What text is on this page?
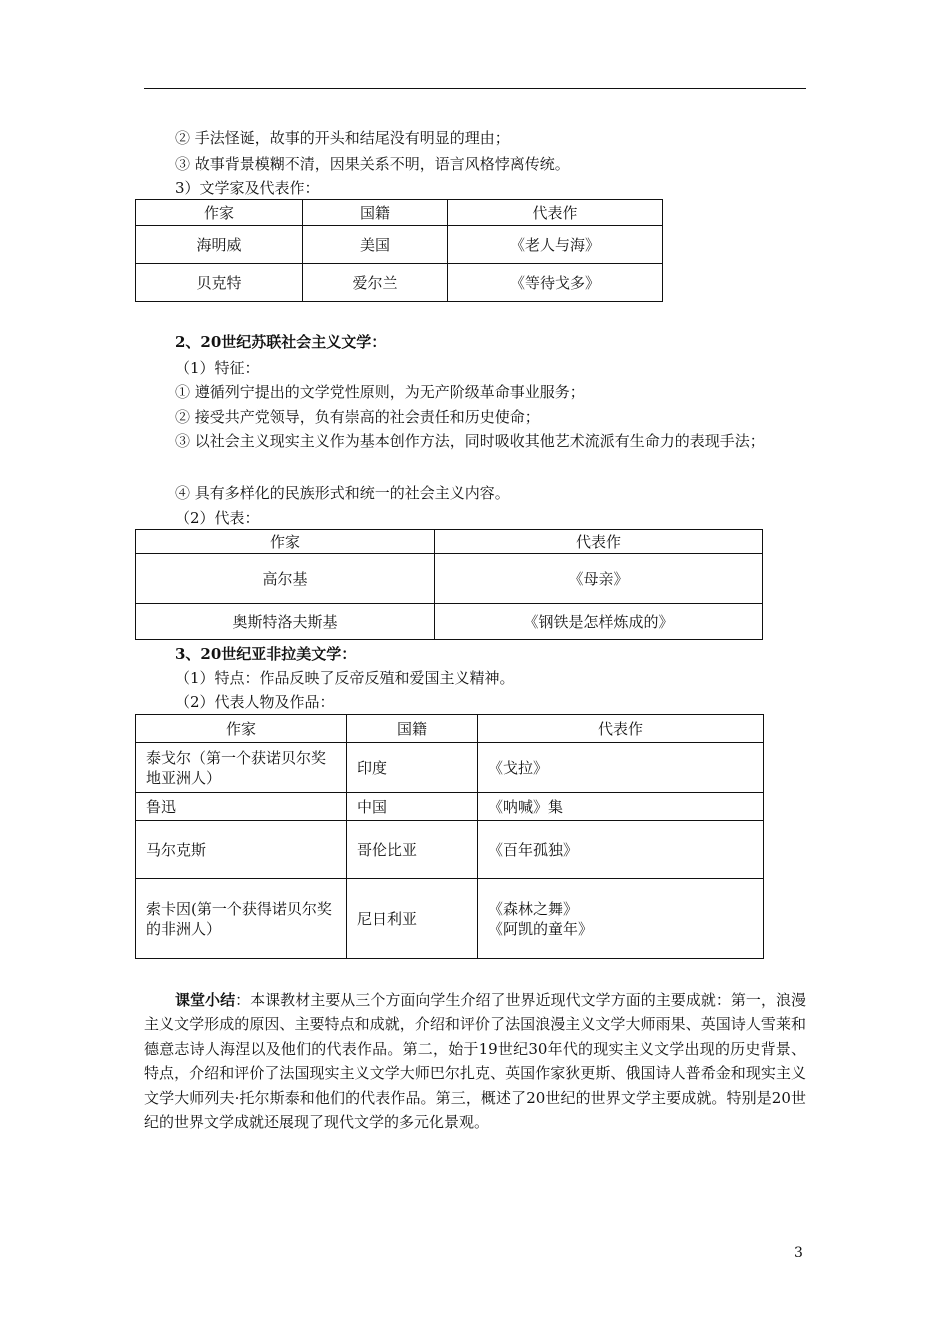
② 手法怪诞，故事的开头和结尾没有明显的理由；
③ 故事背景模糊不清，因果关系不明，语言风格悖离传统。
3）文学家及代表作：
作家	国籍	代表作
海明威	美国	《老人与海》
贝克特	爱尔兰	《等待戈多》
2、20世纪苏联社会主义文学：
（1）特征：
① 遵循列宁提出的文学党性原则，为无产阶级革命事业服务；
② 接受共产党领导，负有崇高的社会责任和历史使命；
③ 以社会主义现实主义作为基本创作方法，同时吸收其他艺术流派有生命力的表现手法；
④ 具有多样化的民族形式和统一的社会主义内容。
（2）代表：
作家	代表作
高尔基	《母亲》
奥斯特洛夫斯基	《钢铁是怎样炼成的》
3、20世纪亚非拉美文学：
（1）特点：作品反映了反帝反殖和爱国主义精神。
（2）代表人物及作品：
作家	国籍	代表作
泰戈尔（第一个获诺贝尔奖地亚洲人）	印度	《戈拉》
鲁迅	中国	《呐喊》集
马尔克斯	哥伦比亚	《百年孤独》
索卡因(第一个获得诺贝尔奖的非洲人）	尼日利亚	《森林之舞》
《阿凯的童年》
课堂小结：本课教材主要从三个方面向学生介绍了世界近现代文学方面的主要成就：第一，浪漫主义文学形成的原因、主要特点和成就，介绍和评价了法国浪漫主义文学大师雨果、英国诗人雪莱和德意志诗人海涅以及他们的代表作品。第二，始于19世纪30年代的现实主义文学出现的历史背景、特点，介绍和评价了法国现实主义文学大师巴尔扎克、英国作家狄更斯、俄国诗人普希金和现实主义文学大师列夫·托尔斯泰和他们的代表作品。第三，概述了20世纪的世界文学主要成就。特别是20世纪的世界文学成就还展现了现代文学的多元化景观。
3
